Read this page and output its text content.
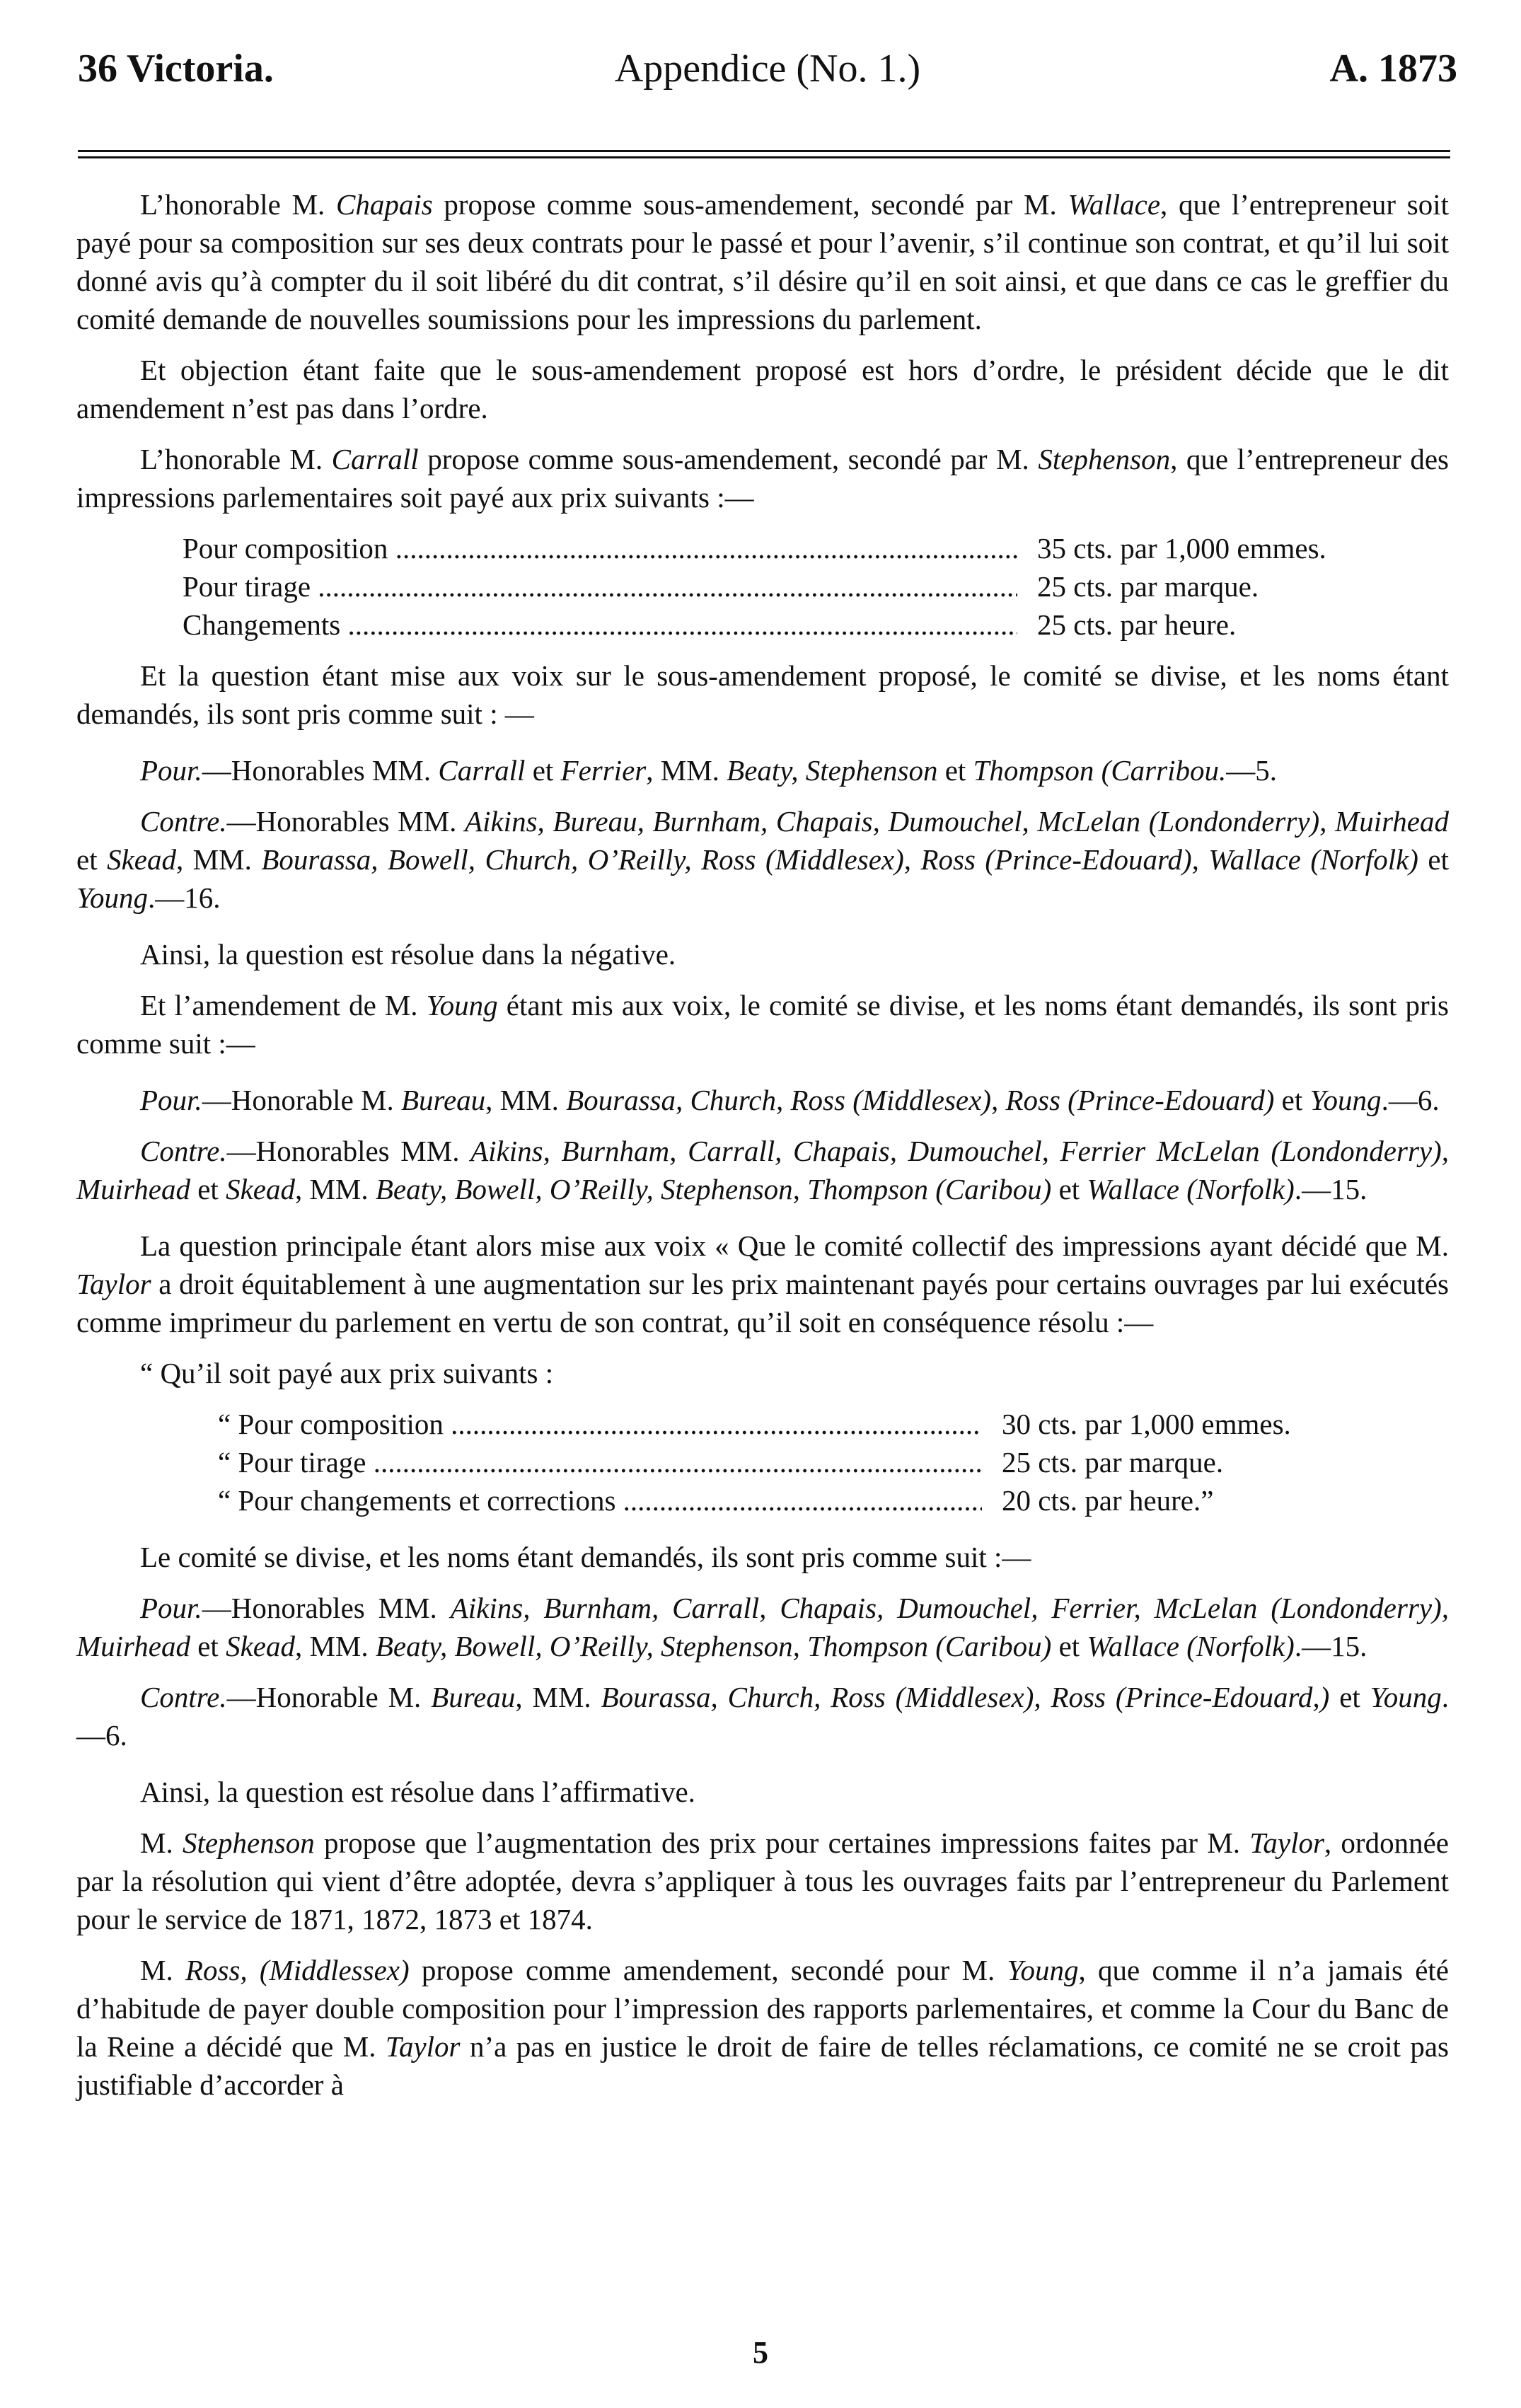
36 Victoria.	Appendice (No. 1.)	A. 1873

L’honorable M. Chapais propose comme sous-amendement, secondé par M. Wallace, que l’entrepreneur soit payé pour sa composition sur ses deux contrats pour le passé et pour l’avenir, s’il continue son contrat, et qu’il lui soit donné avis qu’à compter du il soit libéré du dit contrat, s’il désire qu’il en soit ainsi, et que dans ce cas le greffier du comité demande de nouvelles soumissions pour les impressions du parlement.

Et objection étant faite que le sous-amendement proposé est hors d’ordre, le président décide que le dit amendement n’est pas dans l’ordre.

L’honorable M. Carrall propose comme sous-amendement, secondé par M. Stephenson, que l’entrepreneur des impressions parlementaires soit payé aux prix suivants :—

Pour composition .....	35 cts. par 1,000 emmes.
Pour tirage .....	25 cts. par marque.
Changements .....	25 cts. par heure.

Et la question étant mise aux voix sur le sous-amendement proposé, le comité se divise, et les noms étant demandés, ils sont pris comme suit : —

Pour.—Honorables MM. Carrall et Ferrier, MM. Beaty, Stephenson et Thompson (Carribou.—5.

Contre.—Honorables MM. Aikins, Bureau, Burnham, Chapais, Dumouchel, McLelan (Londonderry), Muirhead et Skead, MM. Bourassa, Bowell, Church, O’Reilly, Ross (Middlesex), Ross (Prince-Edouard), Wallace (Norfolk) et Young.—16.

Ainsi, la question est résolue dans la négative.

Et l’amendement de M. Young étant mis aux voix, le comité se divise, et les noms étant demandés, ils sont pris comme suit :—

Pour.—Honorable M. Bureau, MM. Bourassa, Church, Ross (Middlesex), Ross (Prince-Edouard) et Young.—6.

Contre.—Honorables MM. Aikins, Burnham, Carrall, Chapais, Dumouchel, Ferrier McLelan (Londonderry), Muirhead et Skead, MM. Beaty, Bowell, O’Reilly, Stephenson, Thompson (Caribou) et Wallace (Norfolk).—15.

La question principale étant alors mise aux voix « Que le comité collectif des impressions ayant décidé que M. Taylor a droit équitablement à une augmentation sur les prix maintenant payés pour certains ouvrages par lui exécutés comme imprimeur du parlement en vertu de son contrat, qu’il soit en conséquence résolu :—

“ Qu’il soit payé aux prix suivants :

“ Pour composition .....	30 cts. par 1,000 emmes.
“ Pour tirage .....	25 cts. par marque.
“ Pour changements et corrections .....	20 cts. par heure.”

Le comité se divise, et les noms étant demandés, ils sont pris comme suit :—

Pour.—Honorables MM. Aikins, Burnham, Carrall, Chapais, Dumouchel, Ferrier, McLelan (Londonderry), Muirhead et Skead, MM. Beaty, Bowell, O’Reilly, Stephenson, Thompson (Caribou) et Wallace (Norfolk).—15.

Contre.—Honorable M. Bureau, MM. Bourassa, Church, Ross (Middlesex), Ross (Prince-Edouard,) et Young.—6.

Ainsi, la question est résolue dans l’affirmative.

M. Stephenson propose que l’augmentation des prix pour certaines impressions faites par M. Taylor, ordonnée par la résolution qui vient d’être adoptée, devra s’appliquer à tous les ouvrages faits par l’entrepreneur du Parlement pour le service de 1871, 1872, 1873 et 1874.

M. Ross, (Middlessex) propose comme amendement, secondé pour M. Young, que comme il n’a jamais été d’habitude de payer double composition pour l’impression des rapports parlementaires, et comme la Cour du Banc de la Reine a décidé que M. Taylor n’a pas en justice le droit de faire de telles réclamations, ce comité ne se croit pas justifiable d’accorder à

5
